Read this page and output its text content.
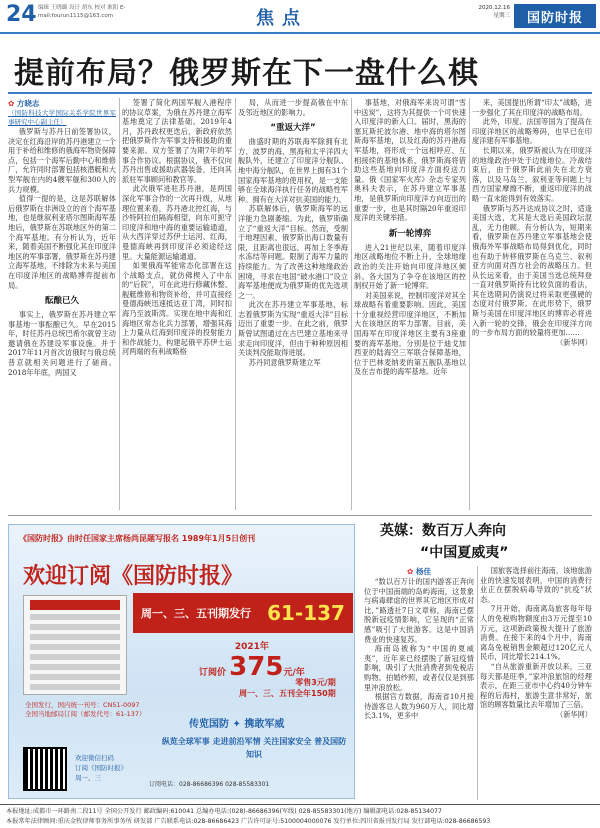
24 编辑 王晓璐 设计 胡东 校对 耿阳 E-mail:fourun1115@163.com	焦点	2020.12.16
星期三	国防时报
提前布局？俄罗斯在下一盘什么棋
✿ 方晓志
（国防科技大学国际关系学院世界军事研究中心副主任）

俄罗斯与苏丹日前签署协议，决定在红海沿岸的苏丹港建立一个用于补给和维修的俄海军物资保障点，包括一个海军后勤中心和维修厂，允许同时部署包括核潜艇和大型军舰在内的4艘军舰和300人的兵力规模。

值得一提的是，这是苏联解体后俄罗斯在非洲设立的首个海军基地，也是继叙利亚塔尔图斯海军基地后，俄罗斯在苏联地区外的第二个海军基地。有分析认为，近年来，随着美国不断强化其在印度洋地区的军事部署，俄罗斯在苏丹建立海军基地，不排除为未来与美国在印度洋地区的战略博弈提前布局。

酝酿已久

事实上，俄罗斯在苏丹建立军事基地一事酝酿已久。早在2015年，时任苏丹总统巴希尔就曾主动邀请俄在苏建设军事设施。并于2017年11月首次访俄时与俄总统普京就相关问题进行了磋商。2018年年底，两国又

签署了简化两国军舰入港程序的协议草案，为俄在苏丹建立海军基地奠定了法律基础。2019年4月，苏丹政权更迭后，新政府依然把俄罗斯作为军事支持和援助的重要来源。双方签署了为期7年的军事合作协议。根据协议，俄不仅向苏丹出售或援助武器装备，还向其派驻军事顾问和教官等。

此次俄军进驻苏丹港，是两国深化军事合作的一次再升级，从地理位置来看，苏丹港北控红海，与沙特阿拉伯隔海相望，向东可扼守印度洋和地中海的重要运输通道，从大西洋穿过苏伊士运河、红海，曼德海峡再到印度洋必须途经这里。大量能源运输通道。

如果俄海军能常态化部署在这个战略支点，就仿佛楔入了中东的“后院”，可在此进行修藏休整、舰艇维修和物资补给，并可直接经曼德海峡迅速抵达亚丁湾，同时扣海乃至波斯湾。实现在地中海和红海地区常态化兵力部署，增强其海上力量从红海到印度洋的投射能力和作战能力，构建起俄平苏伊士运河两端的有利战略格

局，从而进一步提高俄在中东及邻近地区的影响力。

“重返大洋”

曲盛时期的苏联海军除拥有北方、波罗的海、黑海和太平洋四大舰队外，还建立了印度洋分舰队、地中海分舰队，在世界上拥有31个国家海军基地的使用权，是一支能够在全球海洋执行任务的战略性军种。拥有在大洋对抗美国的能力。

苏联解体后，俄罗斯海军的远洋能力急剧萎缩。为此，俄罗斯确立了“重返大洋”目标。然而，受制于地理因素，俄罗斯出海口数量有限，且距离也很远，再加上冬季海水冻结等问题。限制了海军力量的持续能力。为了改善这种地缘政治困境，寻求在电国“破水港口”设立海军基地便成为俄罗斯的优先选项之一。

此次在苏丹建立军事基地，标志着俄罗斯为实现“重返大洋”目标迈出了重要一步。在此之前，俄罗斯曾试图通过在古巴建立基地来寻求走向印度洋，但由于种种原因相关谈判没能取得进展。

苏丹同意俄罗斯建立军

事基地，对俄海军来说可谓“雪中送炭”，这将为其提供一个可快速入印度洋的新入口。届时，黑海的塞瓦斯托波尔港、地中海的塔尔图斯海军基地，以及红海的苏丹港海军基地，将形成一个远相呼应、互相接续的基地体系，俄罗斯海将借助这些基地向印度洋方面投送力量。俄《国家军火库》杂志专家列奥科夫表示，在苏丹建立军事基地，是俄罗斯向印度洋方向迈出的重要一步，也是其时隔20年重返印度洋的关键举措。

新一轮博弈

进入21世纪以来，随着印度洋地区战略地位不断上升，全球地缘政治的关注开始向印度洋地区倾斜。各大国为了争夺在该地区的控制权开始了新一轮博弈。

对美国来说，控制印度洋对其全球战略有着重要影响。因此，美国十分重视经营印度洋地区，不断加大在该地区的军力部署。目前，美国海军在印度洋地区主要有3座重要的海军基地。分别是位于迪戈加西亚的陆海空三军联合保障基地，位于巴林麦纳麦的第五舰队基地以及在吉布提的海军基地。近年

来，美国提出所谓“印太”战略，进一步强化了其在印度洋的战略布局。

此外，印度、法国等国为了提高在印度洋地区的战略筹码，也早已在印度洋建有军事基地。

长期以来，俄罗斯被认为在印度洋的地缘政治中处于边缘地位。冷战结束后，由于俄罗斯此前失在北方衰落，以及马岛兰、叙利亚等问题上与西方国家摩擦不断，重返印度洋的战略一直未能得到有效落实。

俄罗斯与苏丹达成协议之时，适逢美国大选，尤其是大选后美国政坛混乱，无力他顾。有分析认为，短期来看，俄罗斯在苏丹建立军事基地会使俄海外军事战略布局得到优化，同时也有助于转移俄罗斯在乌克兰、叙利亚方向面对西方社会的战略压力。但从长远来看，由于美国当选总统拜登一直对俄罗斯持有比较负面的看法，其在选期间仍演说过将采取更强硬的态度对付俄罗斯。在此形势下，俄罗斯与美国在印度洋地区的博弈必将进入新一轮的交锋，俄会在印度洋方向的一步布局方面的较量将更加……

（新华网）

《国防时报》由时任国家主席杨尚昆题写报名 1989年1月5日创刊
欢迎订阅《国防时报》
周一、三、五刊期发行 61-137
2021年
订阅价 375元/年
零售3元/期
周一、三、五刊全年150期
全国发行，国内统一刊号：CN51-0097
全国当地邮局订阅（邮发代号：61-137）
传览国防 ✦ 携敢军威
纵览全球军事 走进前沿军情 关注国家安全 普及国防知识
欢迎微信扫码
订阅《国防时报》
周一、三
订阅电话：028-86686396 028-85583301
英媒：数百万人奔向
“中国夏威夷”
✿ 杨佳

“数以百万计的国内游客正奔向位于中国南端的岛屿海南，这景象与病毒肆虐的世界其它地区形成对比，”路透社7日文章称，海南已摆脱新冠疫情影响，它呈现的“正常感”吸引了大批游客。这是中国消费业的快速复苏。

海南岛被称为“中国的夏威夷”，近年来已经摆脱了新冠疫情影响，吸引了大批消费者到免税店购物。拍婚纱照，或者仅仅是到那里冲浪放松。

根据官方数据，海南省10月接待游客总人数为960万人，同比增长3.1%，更多中

国旅客选择前往海南，该地旅游业的快速发展表明，中国的消费行业正在摆脱病毒导致的“抗疫”状态。

7月开始，海南离岛旅客每年每人的免税购物额度由3万元提至10万元，这项新政策极大提升了旅游消费。在接下来的4个月中，海南离岛免税销售金额超过120亿元人民币，同比增长214.1%。

“自从旅游重新开放以来，三亚每天都是旺季，”家冲浪旅馆的经理表示，在距三亚市中心约40分钟车程的后海村，旅游生意非常好，旅馆的顾客数量比去年增加了三倍。

（新华网）

本报地址:成都市一环路南二段11号 全国公开发行 邮政编码:610041 总编办电话:(028)-86686396(军线) 028-85583301(地方) 编辑部电话:028-85134077
本报常年法律顾问:重庆金牧律师事务所事务所 研发部 广告联系电话:028-86686423 广告许可证号:5100004000076 发行单位:四川省报刊发行局 发行部电话:028-86686593
